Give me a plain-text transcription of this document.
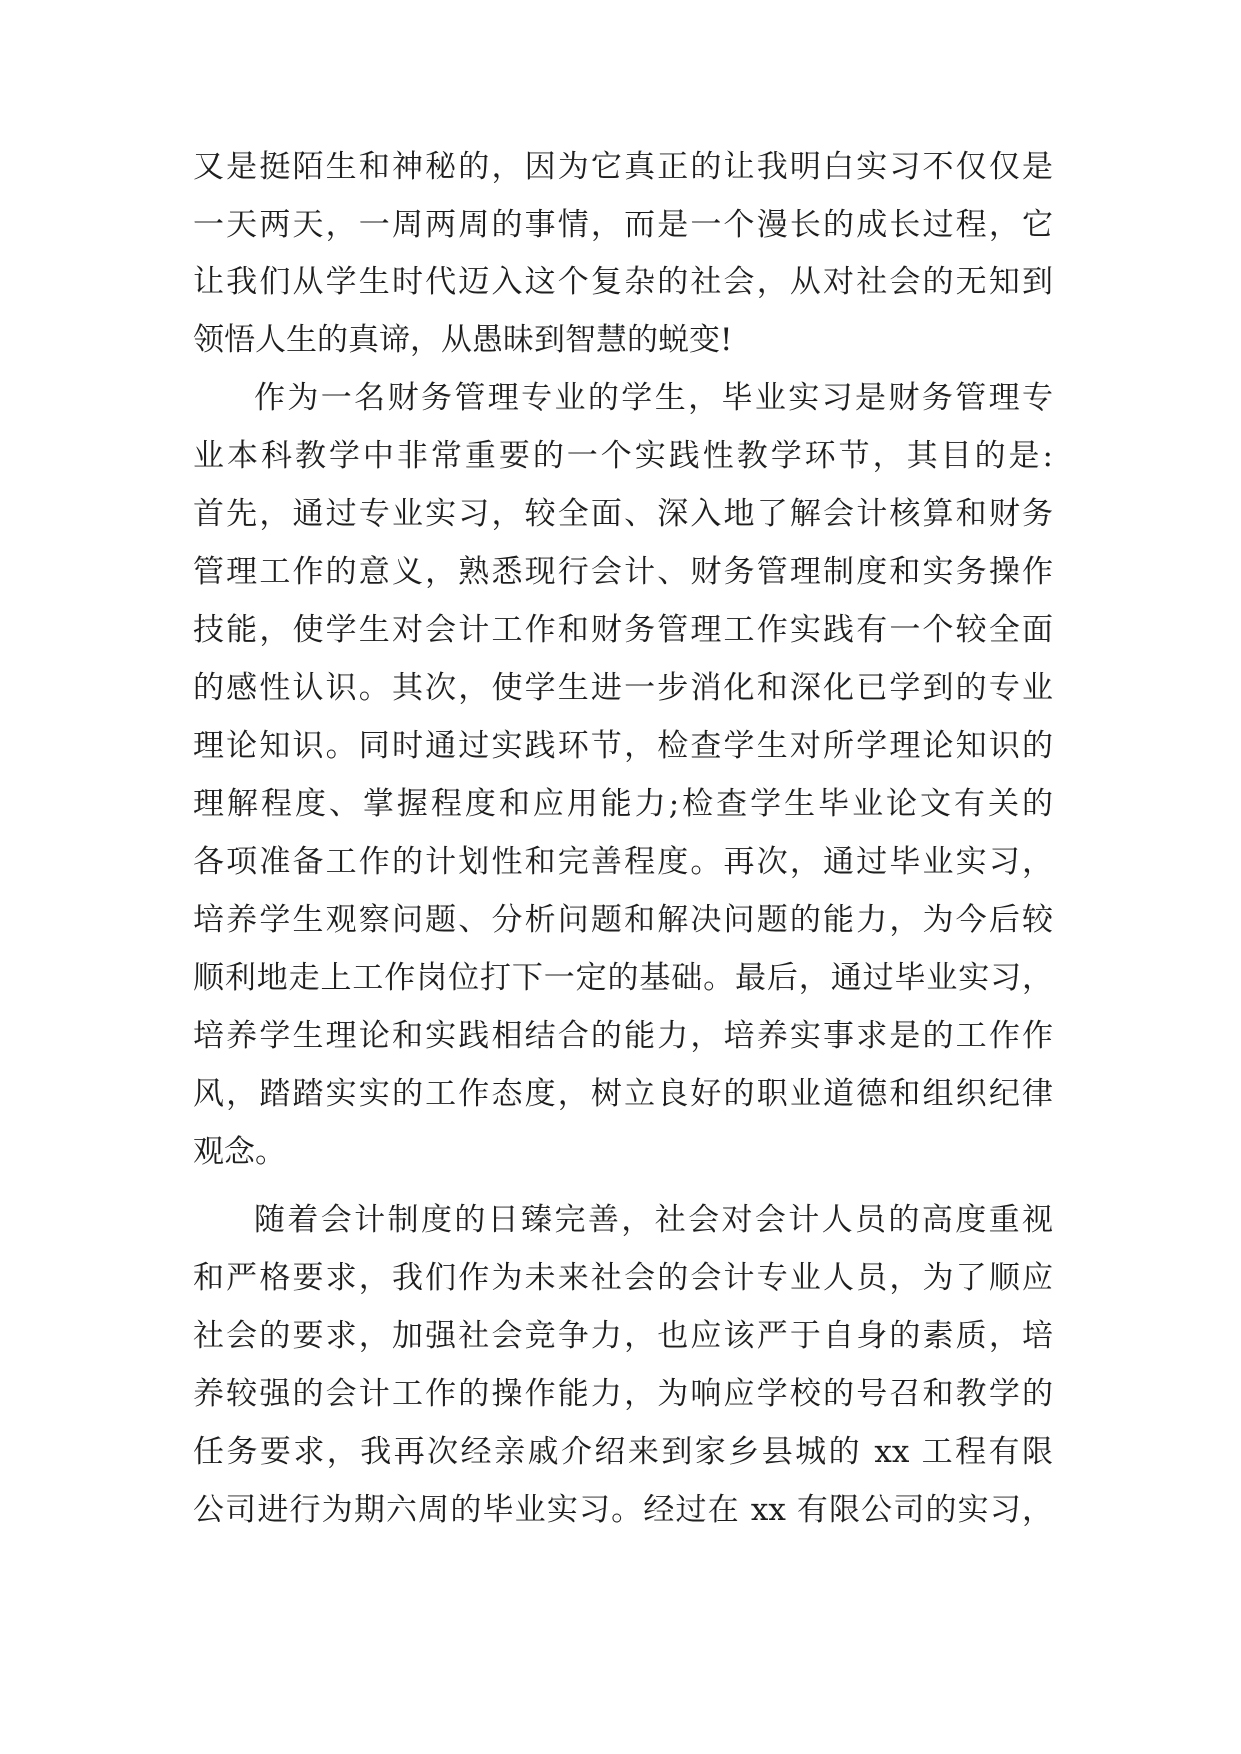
又是挺陌生和神秘的，因为它真正的让我明白实习不仅仅是
一天两天，一周两周的事情，而是一个漫长的成长过程，它
让我们从学生时代迈入这个复杂的社会，从对社会的无知到
领悟人生的真谛，从愚昧到智慧的蜕变!
作为一名财务管理专业的学生，毕业实习是财务管理专
业本科教学中非常重要的一个实践性教学环节，其目的是:
首先，通过专业实习，较全面、深入地了解会计核算和财务
管理工作的意义，熟悉现行会计、财务管理制度和实务操作
技能，使学生对会计工作和财务管理工作实践有一个较全面
的感性认识。其次，使学生进一步消化和深化已学到的专业
理论知识。同时通过实践环节，检查学生对所学理论知识的
理解程度、掌握程度和应用能力;检查学生毕业论文有关的
各项准备工作的计划性和完善程度。再次，通过毕业实习，
培养学生观察问题、分析问题和解决问题的能力，为今后较
顺利地走上工作岗位打下一定的基础。最后，通过毕业实习，
培养学生理论和实践相结合的能力，培养实事求是的工作作
风，踏踏实实的工作态度，树立良好的职业道德和组织纪律
观念。
随着会计制度的日臻完善，社会对会计人员的高度重视
和严格要求，我们作为未来社会的会计专业人员，为了顺应
社会的要求，加强社会竞争力，也应该严于自身的素质，培
养较强的会计工作的操作能力，为响应学校的号召和教学的
任务要求，我再次经亲戚介绍来到家乡县城的 xx 工程有限
公司进行为期六周的毕业实习。经过在 xx 有限公司的实习，
